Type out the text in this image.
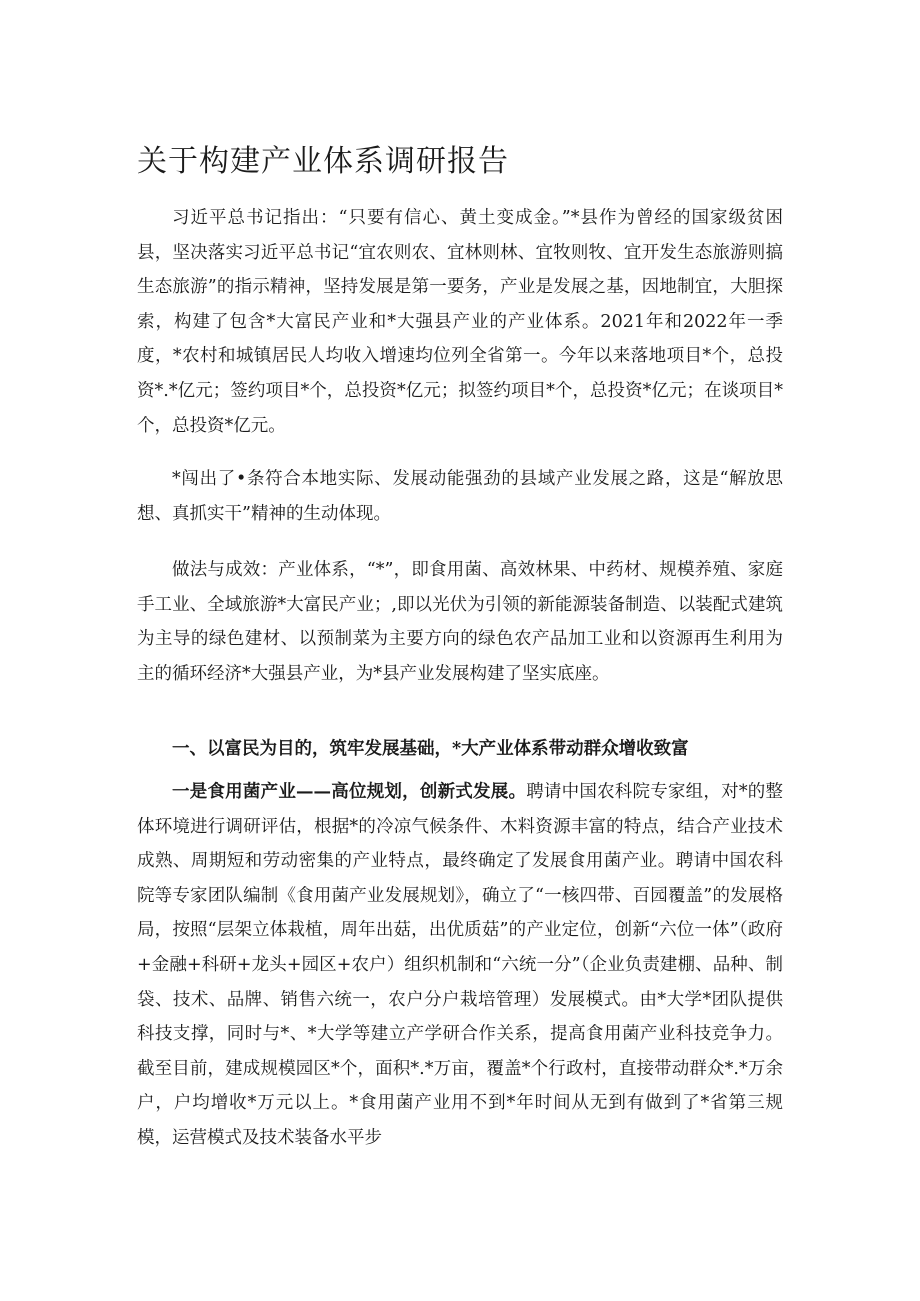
关于构建产业体系调研报告

习近平总书记指出：“只要有信心、黄土变成金。”*县作为曾经的国家级贫困县，坚决落实习近平总书记“宜农则农、宜林则林、宜牧则牧、宜开发生态旅游则搞生态旅游”的指示精神，坚持发展是第一要务，产业是发展之基，因地制宜，大胆探索，构建了包含*大富民产业和*大强县产业的产业体系。2021年和2022年一季度，*农村和城镇居民人均收入增速均位列全省第一。今年以来落地项目*个，总投资*.*亿元；签约项目*个，总投资*亿元；拟签约项目*个，总投资*亿元；在谈项目*个，总投资*亿元。

*闯出了•条符合本地实际、发展动能强劲的县域产业发展之路，这是“解放思想、真抓实干”精神的生动体现。

做法与成效：产业体系，“*”，即食用菌、高效林果、中药材、规模养殖、家庭手工业、全域旅游*大富民产业；,即以光伏为引领的新能源装备制造、以装配式建筑为主导的绿色建材、以预制菜为主要方向的绿色农产品加工业和以资源再生利用为主的循环经济*大强县产业，为*县产业发展构建了坚实底座。

一、以富民为目的，筑牢发展基础，*大产业体系带动群众增收致富

一是食用菌产业——高位规划，创新式发展。聘请中国农科院专家组，对*的整体环境进行调研评估，根据*的冷凉气候条件、木料资源丰富的特点，结合产业技术成熟、周期短和劳动密集的产业特点，最终确定了发展食用菌产业。聘请中国农科院等专家团队编制《食用菌产业发展规划》，确立了“一核四带、百园覆盖”的发展格局，按照“层架立体栽植，周年出菇，出优质菇”的产业定位，创新“六位一体”（政府+金融+科研+龙头+园区+农户）组织机制和“六统一分”（企业负责建棚、品种、制袋、技术、品牌、销售六统一，农户分户栽培管理）发展模式。由*大学*团队提供科技支撑，同时与*、*大学等建立产学研合作关系，提高食用菌产业科技竞争力。截至目前，建成规模园区*个，面积*.*万亩，覆盖*个行政村，直接带动群众*.*万余户，户均增收*万元以上。*食用菌产业用不到*年时间从无到有做到了*省第三规模，运营模式及技术装备水平步
